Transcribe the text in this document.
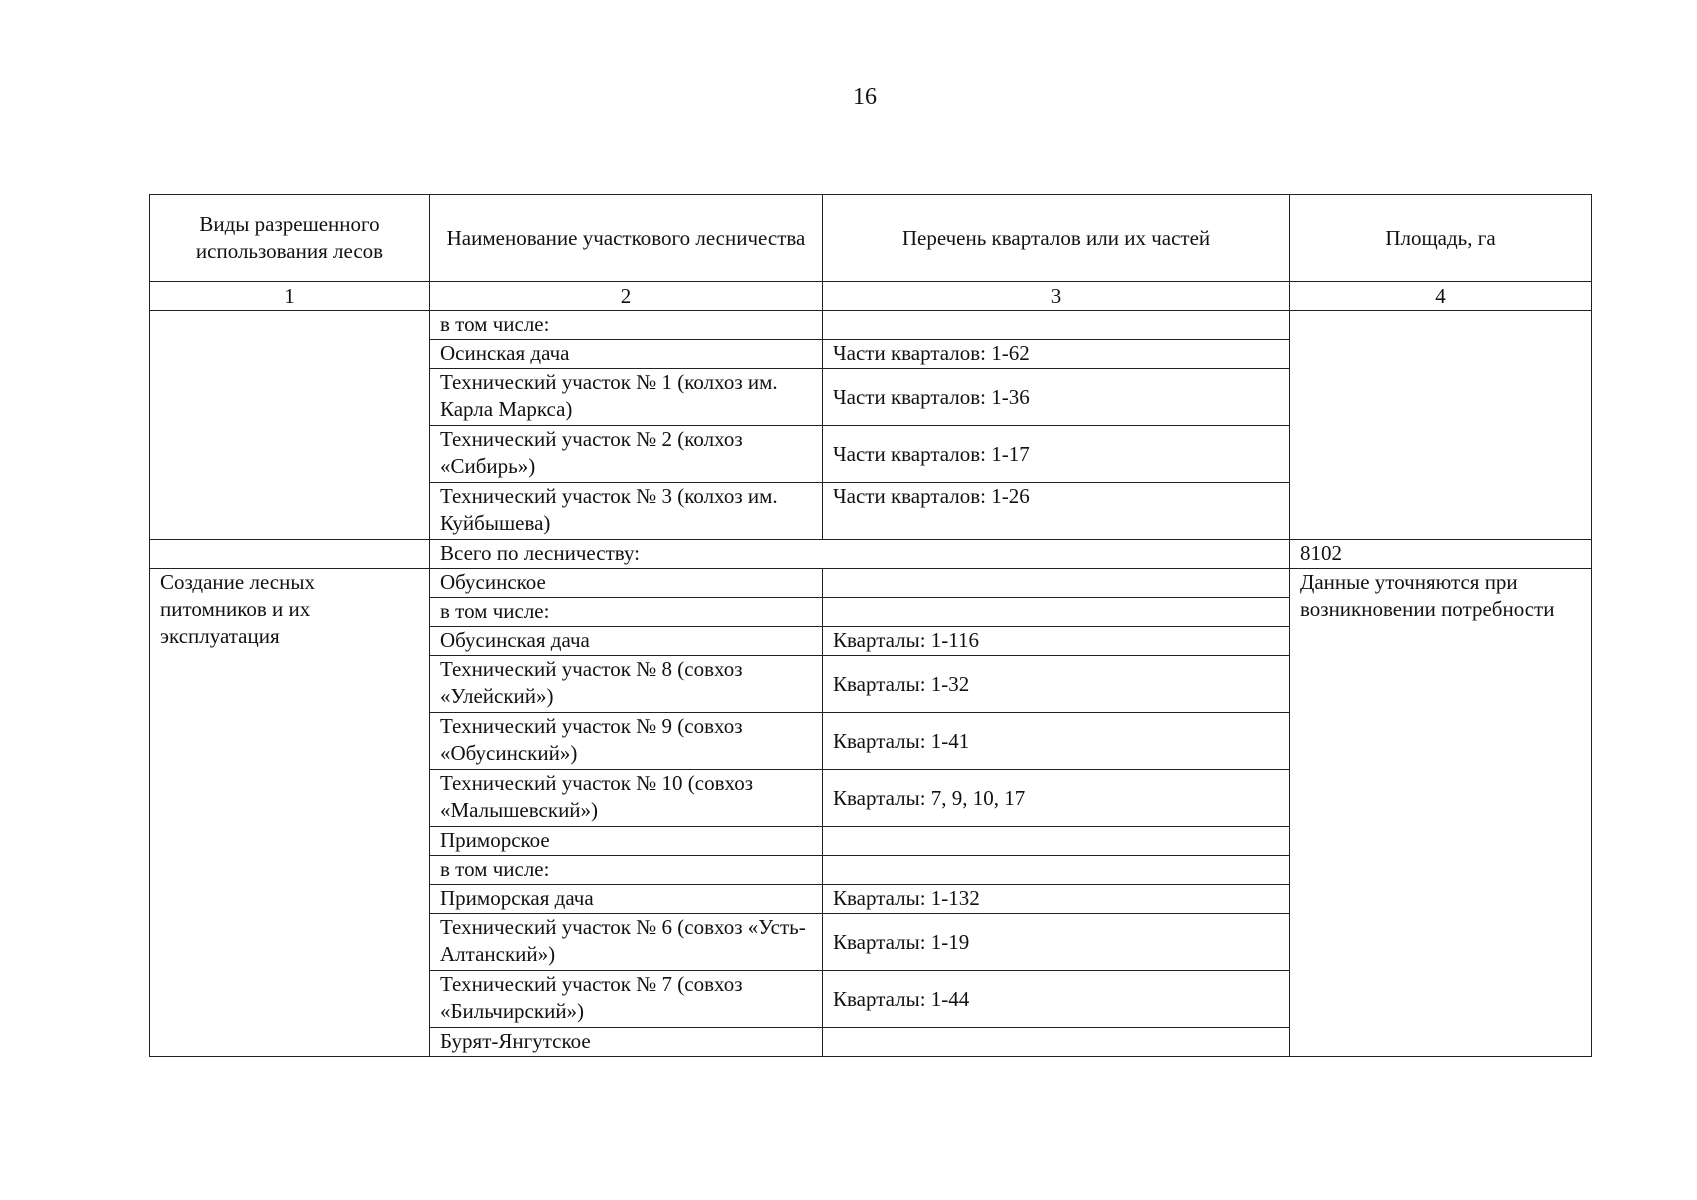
16
Виды разрешенного использования лесов	Наименование участкового лесничества	Перечень кварталов или их частей	Площадь, га
1	2	3	4
	в том числе:		
	Осинская дача	Части кварталов: 1-62	
	Технический участок № 1 (колхоз им. Карла Маркса)	Части кварталов: 1-36	
	Технический участок № 2 (колхоз «Сибирь»)	Части кварталов: 1-17	
	Технический участок № 3 (колхоз им. Куйбышева)	Части кварталов: 1-26	
	Всего по лесничеству:		8102
Создание лесных питомников и их эксплуатация	Обусинское		Данные уточняются при возникновении потребности
	в том числе:		
	Обусинская дача	Кварталы: 1-116	
	Технический участок № 8 (совхоз «Улейский»)	Кварталы: 1-32	
	Технический участок № 9 (совхоз «Обусинский»)	Кварталы: 1-41	
	Технический участок № 10 (совхоз «Малышевский»)	Кварталы: 7, 9, 10, 17	
	Приморское		
	в том числе:		
	Приморская дача	Кварталы: 1-132	
	Технический участок № 6 (совхоз «Усть-Алтанский»)	Кварталы: 1-19	
	Технический участок № 7 (совхоз «Бильчирский»)	Кварталы: 1-44	
	Бурят-Янгутское		
